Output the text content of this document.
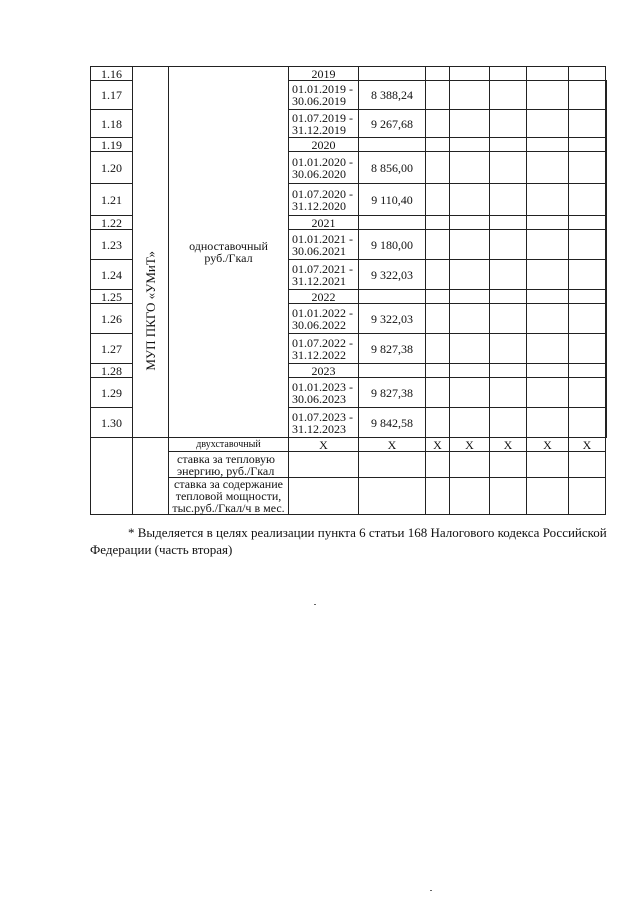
1.16	МУП ПКГО «УМиТ»	одноставочный руб./Гкал	2019							
1.17			01.01.2019 - 30.06.2019	8 388,24						
1.18			01.07.2019 - 31.12.2019	9 267,68						
1.19			2020							
1.20			01.01.2020 - 30.06.2020	8 856,00						
1.21			01.07.2020 - 31.12.2020	9 110,40						
1.22			2021							
1.23			01.01.2021 - 30.06.2021	9 180,00						
1.24			01.07.2021 - 31.12.2021	9 322,03						
1.25			2022							
1.26			01.01.2022 - 30.06.2022	9 322,03						
1.27			01.07.2022 - 31.12.2022	9 827,38						
1.28			2023							
1.29			01.01.2023 - 30.06.2023	9 827,38						
1.30			01.07.2023 - 31.12.2023	9 842,58						
		двухставочный	X	X	X	X	X	X	X	
		ставка за тепловую энергию, руб./Гкал								
		ставка за содержание тепловой мощности, тыс.руб./Гкал/ч в мес.								
* Выделяется в целях реализации пункта 6 статьи 168 Налогового кодекса Российской
Федерации (часть вторая)
